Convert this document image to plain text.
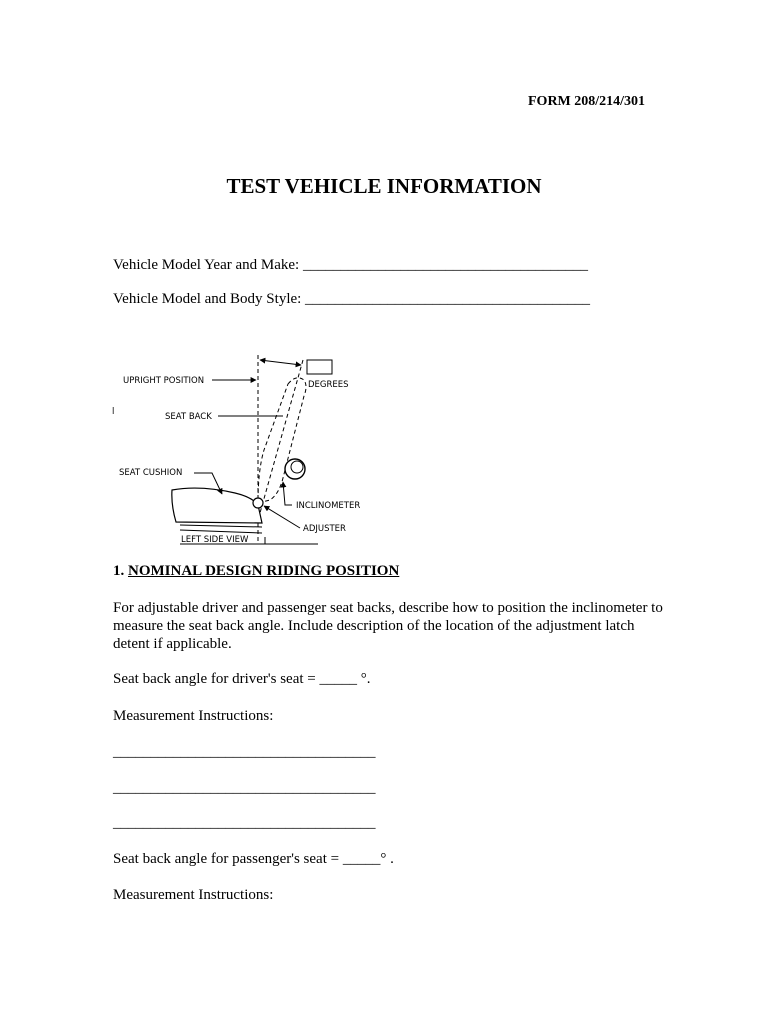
FORM 208/214/301
TEST VEHICLE INFORMATION
Vehicle Model Year and Make: ______________________________________
Vehicle Model and Body Style: ______________________________________
l
UPRIGHT POSITION	DEGREES
SEAT BACK
SEAT CUSHION
INCLINOMETER
ADJUSTER
LEFT SIDE VIEW
1. NOMINAL DESIGN RIDING POSITION
For adjustable driver and passenger seat backs, describe how to position the inclinometer to measure the seat back angle. Include description of the location of the adjustment latch detent if applicable.
Seat back angle for driver's seat = _____ °.
Measurement Instructions:
___________________________________
___________________________________
___________________________________
Seat back angle for passenger's seat = _____° .
Measurement Instructions:
